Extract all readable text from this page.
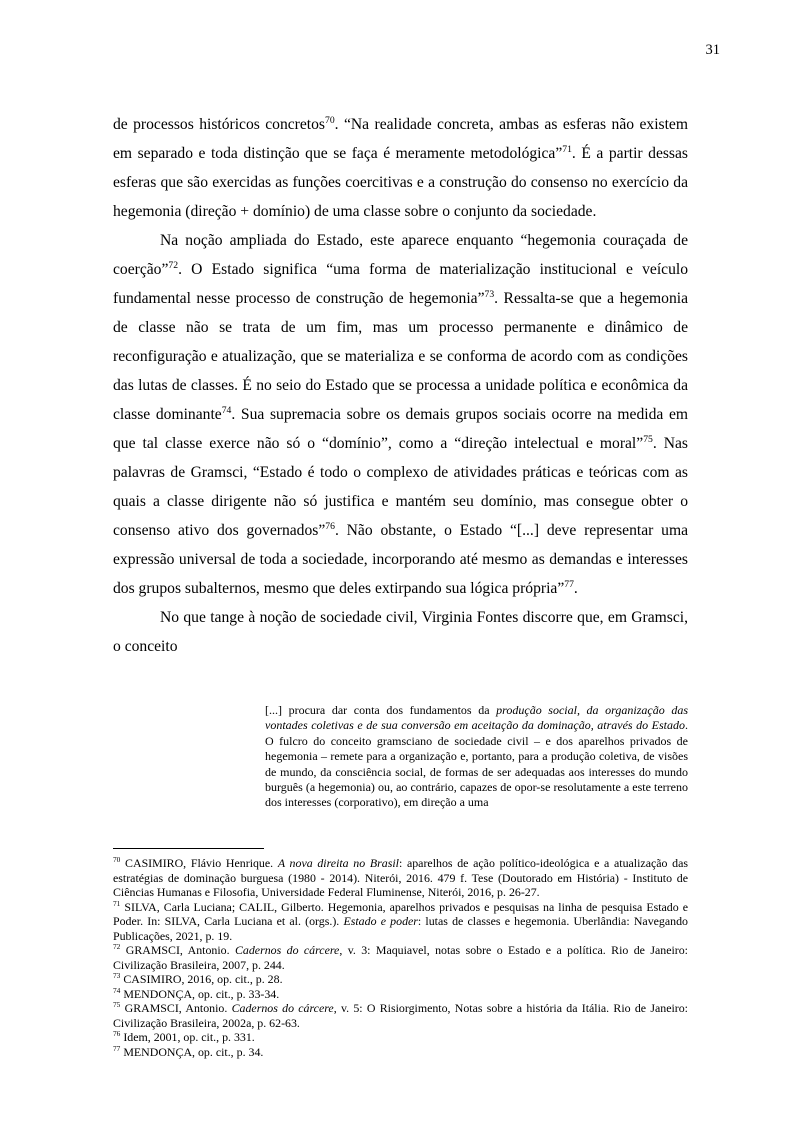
31

de processos históricos concretos$^{70}$. “Na realidade concreta, ambas as esferas não existem em separado e toda distinção que se faça é meramente metodológica”$^{71}$. É a partir dessas esferas que são exercidas as funções coercitivas e a construção do consenso no exercício da hegemonia (direção + domínio) de uma classe sobre o conjunto da sociedade.

Na noção ampliada do Estado, este aparece enquanto “hegemonia couraçada de coerção”$^{72}$. O Estado significa “uma forma de materialização institucional e veículo fundamental nesse processo de construção de hegemonia”$^{73}$. Ressalta-se que a hegemonia de classe não se trata de um fim, mas um processo permanente e dinâmico de reconfiguração e atualização, que se materializa e se conforma de acordo com as condições das lutas de classes. É no seio do Estado que se processa a unidade política e econômica da classe dominante$^{74}$. Sua supremacia sobre os demais grupos sociais ocorre na medida em que tal classe exerce não só o “domínio”, como a “direção intelectual e moral”$^{75}$. Nas palavras de Gramsci, “Estado é todo o complexo de atividades práticas e teóricas com as quais a classe dirigente não só justifica e mantém seu domínio, mas consegue obter o consenso ativo dos governados”$^{76}$. Não obstante, o Estado “[...] deve representar uma expressão universal de toda a sociedade, incorporando até mesmo as demandas e interesses dos grupos subalternos, mesmo que deles extirpando sua lógica própria”$^{77}$.

No que tange à noção de sociedade civil, Virginia Fontes discorre que, em Gramsci, o conceito

[...] procura dar conta dos fundamentos da produção social, da organização das vontades coletivas e de sua conversão em aceitação da dominação, através do Estado. O fulcro do conceito gramsciano de sociedade civil – e dos aparelhos privados de hegemonia – remete para a organização e, portanto, para a produção coletiva, de visões de mundo, da consciência social, de formas de ser adequadas aos interesses do mundo burguês (a hegemonia) ou, ao contrário, capazes de opor-se resolutamente a este terreno dos interesses (corporativo), em direção a uma

$^{70}$ CASIMIRO, Flávio Henrique. A nova direita no Brasil: aparelhos de ação político-ideológica e a atualização das estratégias de dominação burguesa (1980 - 2014). Niterói, 2016. 479 f. Tese (Doutorado em História) - Instituto de Ciências Humanas e Filosofia, Universidade Federal Fluminense, Niterói, 2016, p. 26-27.

$^{71}$ SILVA, Carla Luciana; CALIL, Gilberto. Hegemonia, aparelhos privados e pesquisas na linha de pesquisa Estado e Poder. In: SILVA, Carla Luciana et al. (orgs.). Estado e poder: lutas de classes e hegemonia. Uberlândia: Navegando Publicações, 2021, p. 19.

$^{72}$ GRAMSCI, Antonio. Cadernos do cárcere, v. 3: Maquiavel, notas sobre o Estado e a política. Rio de Janeiro: Civilização Brasileira, 2007, p. 244.

$^{73}$ CASIMIRO, 2016, op. cit., p. 28.

$^{74}$ MENDONÇA, op. cit., p. 33-34.

$^{75}$ GRAMSCI, Antonio. Cadernos do cárcere, v. 5: O Risiorgimento, Notas sobre a história da Itália. Rio de Janeiro: Civilização Brasileira, 2002a, p. 62-63.

$^{76}$ Idem, 2001, op. cit., p. 331.

$^{77}$ MENDONÇA, op. cit., p. 34.
